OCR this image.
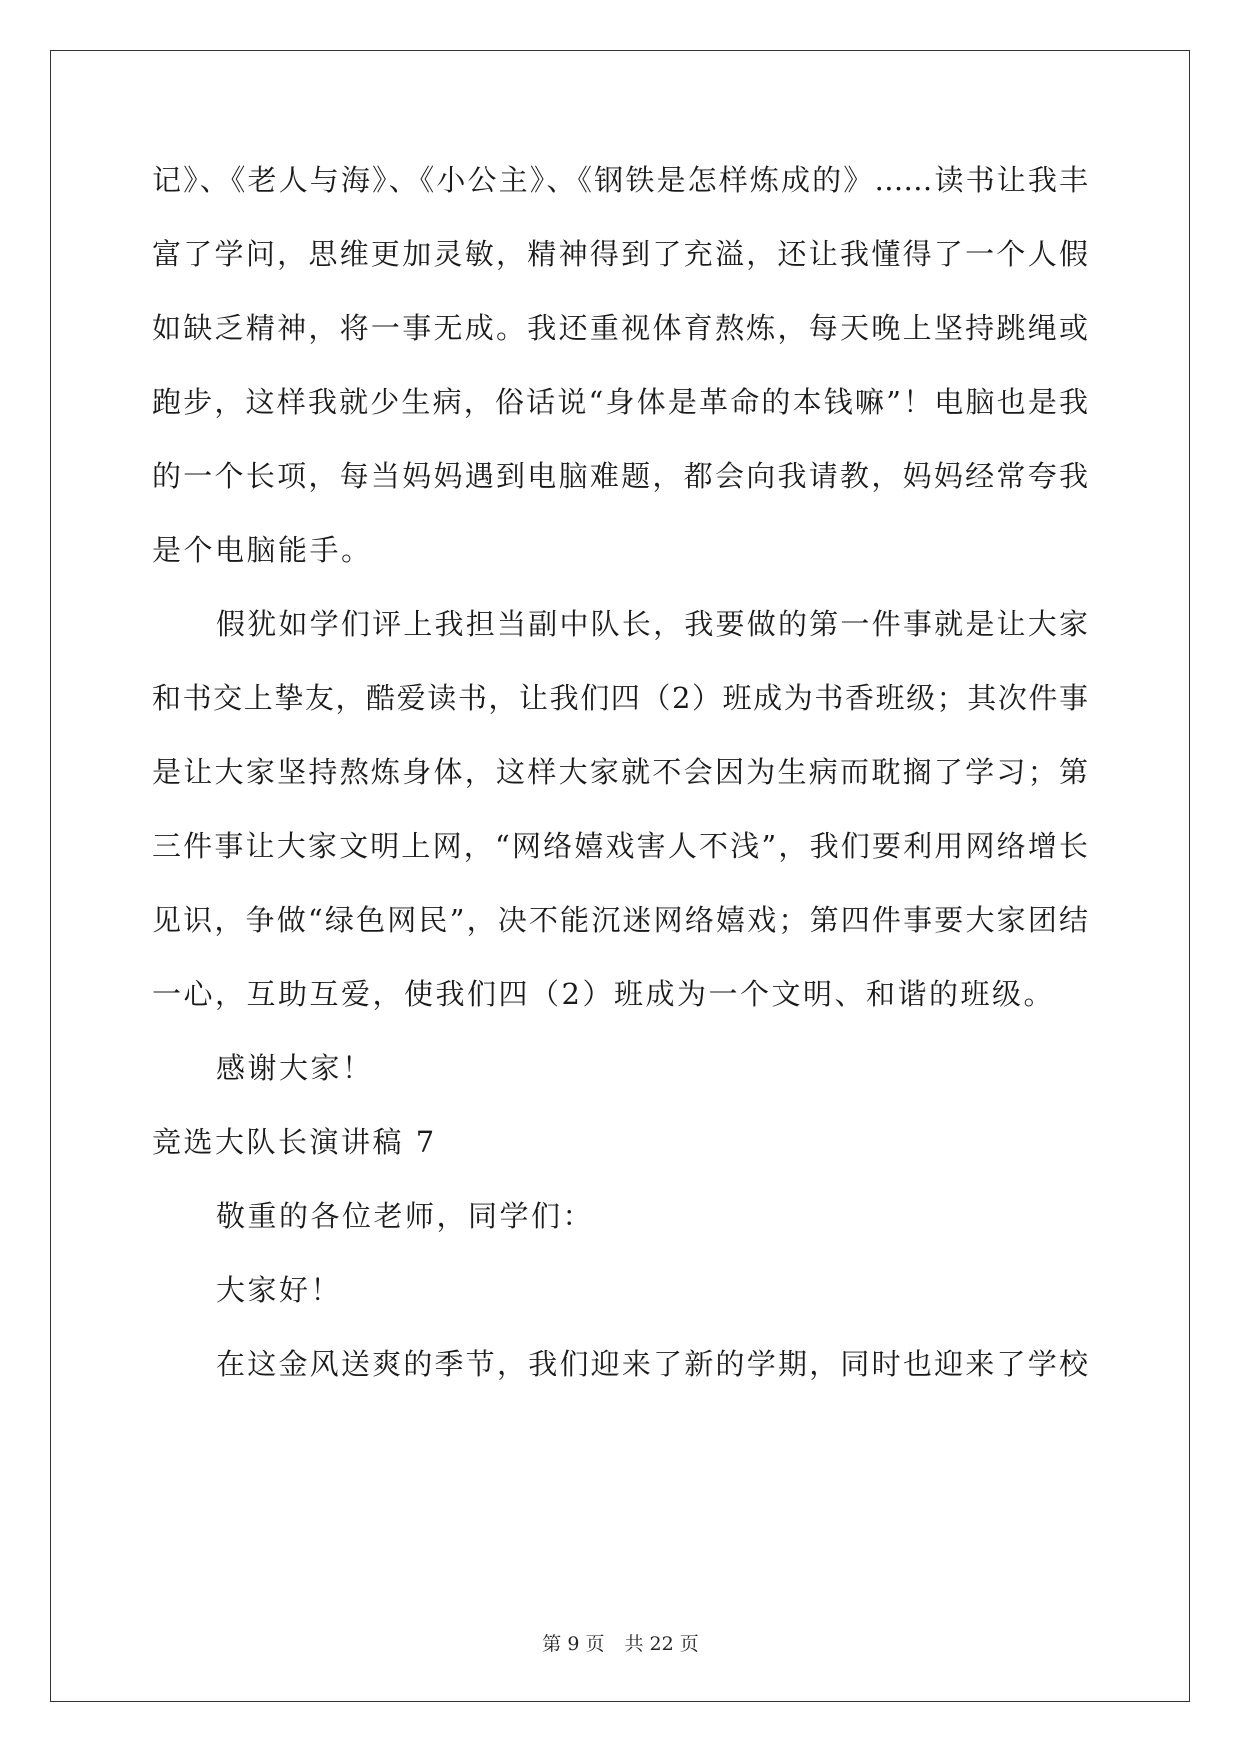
记》、《老人与海》、《小公主》、《钢铁是怎样炼成的》……读书让我丰
富了学问，思维更加灵敏，精神得到了充溢，还让我懂得了一个人假
如缺乏精神，将一事无成。我还重视体育熬炼，每天晚上坚持跳绳或
跑步，这样我就少生病，俗话说“身体是革命的本钱嘛”！电脑也是我
的一个长项，每当妈妈遇到电脑难题，都会向我请教，妈妈经常夸我
是个电脑能手。
假犹如学们评上我担当副中队长，我要做的第一件事就是让大家
和书交上挚友，酷爱读书，让我们四（2）班成为书香班级；其次件事
是让大家坚持熬炼身体，这样大家就不会因为生病而耽搁了学习；第
三件事让大家文明上网，“网络嬉戏害人不浅”，我们要利用网络增长
见识，争做“绿色网民”，决不能沉迷网络嬉戏；第四件事要大家团结
一心，互助互爱，使我们四（2）班成为一个文明、和谐的班级。
感谢大家！
竞选大队长演讲稿 7
敬重的各位老师，同学们：
大家好！
在这金风送爽的季节，我们迎来了新的学期，同时也迎来了学校
第 9 页 共 22 页
